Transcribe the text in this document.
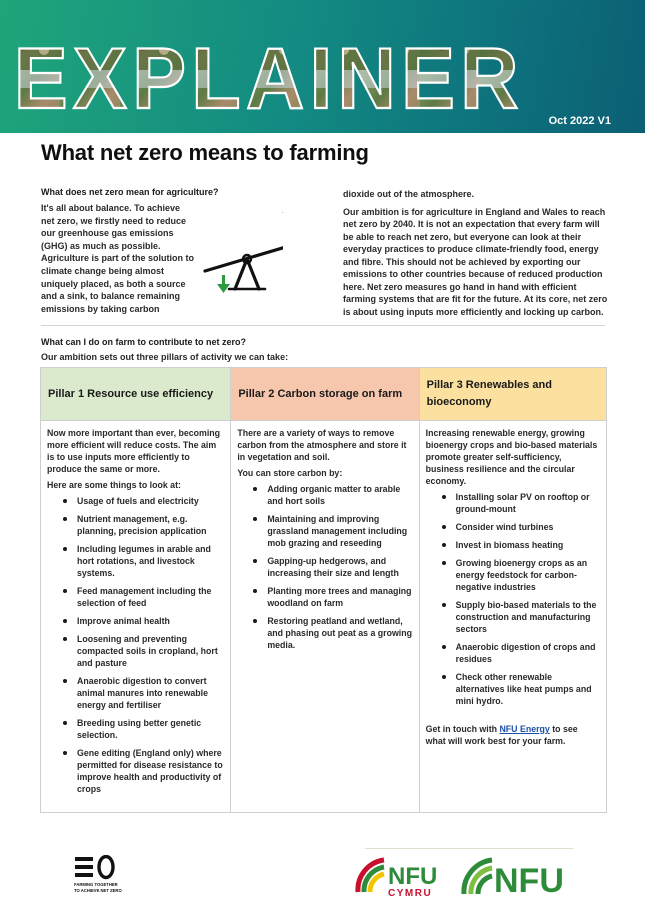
EXPLAINER Oct 2022 V1
What net zero means to farming
What does net zero mean for agriculture?
It's all about balance. To achieve net zero, we firstly need to reduce our greenhouse gas emissions (GHG) as much as possible. Agriculture is part of the solution to climate change being almost uniquely placed, as both a source and a sink, to balance remaining emissions by taking carbon

dioxide out of the atmosphere.

Our ambition is for agriculture in England and Wales to reach net zero by 2040. It is not an expectation that every farm will be able to reach net zero, but everyone can look at their everyday practices to produce climate-friendly food, energy and fibre. This should not be achieved by exporting our emissions to other countries because of reduced production here. Net zero measures go hand in hand with efficient farming systems that are fit for the future. At its core, net zero is about using inputs more efficiently and locking up carbon.

What can I do on farm to contribute to net zero?
Our ambition sets out three pillars of activity we can take:
Pillar 1 Resource use efficiency

Now more important than ever, becoming more efficient will reduce costs. The aim is to use inputs more efficiently to produce the same or more.

Here are some things to look at:

Usage of fuels and electricity
Nutrient management, e.g. planning, precision application
Including legumes in arable and hort rotations, and livestock systems.
Feed management including the selection of feed
Improve animal health
Loosening and preventing compacted soils in cropland, hort and pasture
Anaerobic digestion to convert animal manures into renewable energy and fertiliser
Breeding using better genetic selection.
Gene editing (England only) where permitted for disease resistance to improve health and productivity of crops
Pillar 2 Carbon storage on farm

There are a variety of ways to remove carbon from the atmosphere and store it in vegetation and soil.

You can store carbon by:

Adding organic matter to arable and hort soils
Maintaining and improving grassland management including mob grazing and reseeding
Gapping-up hedgerows, and increasing their size and length
Planting more trees and managing woodland on farm
Restoring peatland and wetland, and phasing out peat as a growing media.
Pillar 3 Renewables and bioeconomy

Increasing renewable energy, growing bioenergy crops and bio-based materials promote greater self-sufficiency, business resilience and the circular economy.

Installing solar PV on rooftop or ground-mount
Consider wind turbines
Invest in biomass heating
Growing bioenergy crops as an energy feedstock for carbon-negative industries
Supply bio-based materials to the construction and manufacturing sectors
Anaerobic digestion of crops and residues
Check other renewable alternatives like heat pumps and mini hydro.

Get in touch with NFU Energy to see what will work best for your farm.

FARMING TOGETHER
TO ACHIEVE NET ZERO
NFU
CYMRU NFU
